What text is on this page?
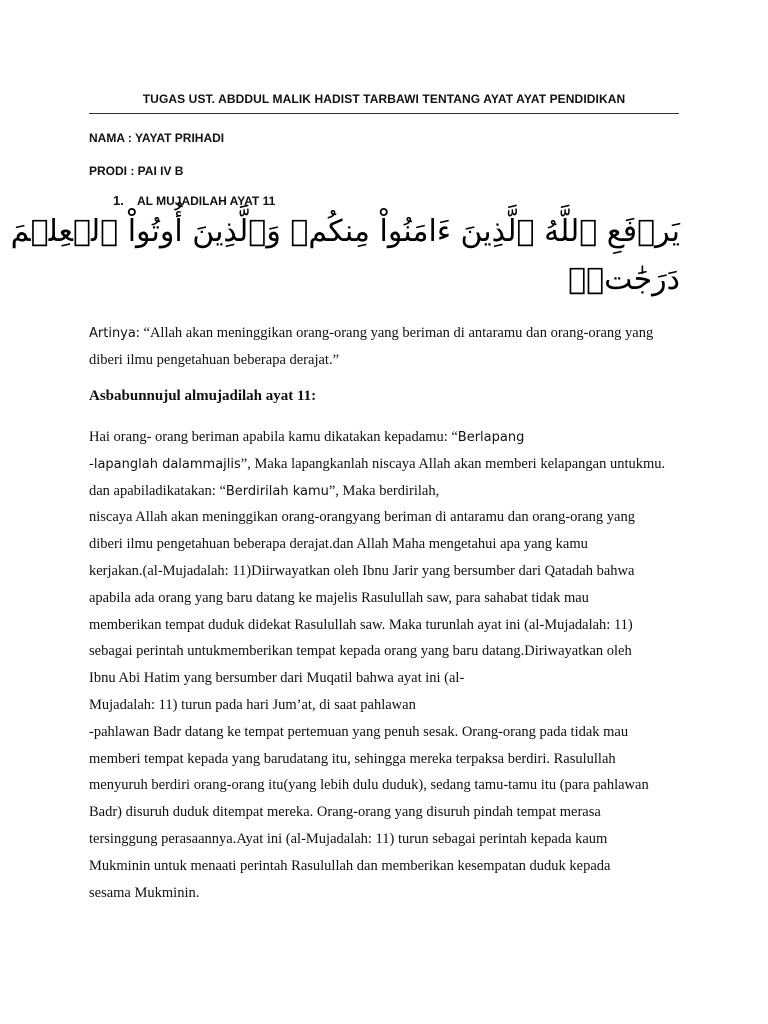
TUGAS UST. ABDDUL MALIK HADIST TARBAWI TENTANG AYAT AYAT PENDIDIKAN
NAMA : YAYAT PRIHADI
PRODI : PAI IV B
1.	AL MUJADILAH AYAT 11
يَرۡفَعِ ٱللَّهُ ٱلَّذِينَ ءَامَنُواْ مِنكُمۡ وَٱلَّذِينَ أُوتُواْ ٱلۡعِلۡمَ
دَرَجَٰتٖۚ
Artinya: “Allah akan meninggikan orang-orang yang beriman di antaramu dan orang-orang yang
diberi ilmu pengetahuan beberapa derajat.”
Asbabunnujul almujadilah ayat 11:
Hai orang- orang beriman apabila kamu dikatakan kepadamu: “Berlapang
-lapanglah dalammajlis”, Maka lapangkanlah niscaya Allah akan memberi kelapangan untukmu.
dan apabiladikatakan: “Berdirilah kamu”, Maka berdirilah,
niscaya Allah akan meninggikan orang-orangyang beriman di antaramu dan orang-orang yang
diberi ilmu pengetahuan beberapa derajat.dan Allah Maha mengetahui apa yang kamu
kerjakan.(al-Mujadalah: 11)Diirwayatkan oleh Ibnu Jarir yang bersumber dari Qatadah bahwa
apabila ada orang yang baru datang ke majelis Rasulullah saw, para sahabat tidak mau
memberikan tempat duduk didekat Rasulullah saw. Maka turunlah ayat ini (al-Mujadalah: 11)
sebagai perintah untukmemberikan tempat kepada orang yang baru datang.Diriwayatkan oleh
Ibnu Abi Hatim yang bersumber dari Muqatil bahwa ayat ini (al-
Mujadalah: 11) turun pada hari Jum’at, di saat pahlawan
-pahlawan Badr datang ke tempat pertemuan yang penuh sesak. Orang-orang pada tidak mau
memberi tempat kepada yang barudatang itu, sehingga mereka terpaksa berdiri. Rasulullah
menyuruh berdiri orang-orang itu(yang lebih dulu duduk), sedang tamu-tamu itu (para pahlawan
Badr) disuruh duduk ditempat mereka. Orang-orang yang disuruh pindah tempat merasa
tersinggung perasaannya.Ayat ini (al-Mujadalah: 11) turun sebagai perintah kepada kaum
Mukminin untuk menaati perintah Rasulullah dan memberikan kesempatan duduk kepada
sesama Mukminin.
